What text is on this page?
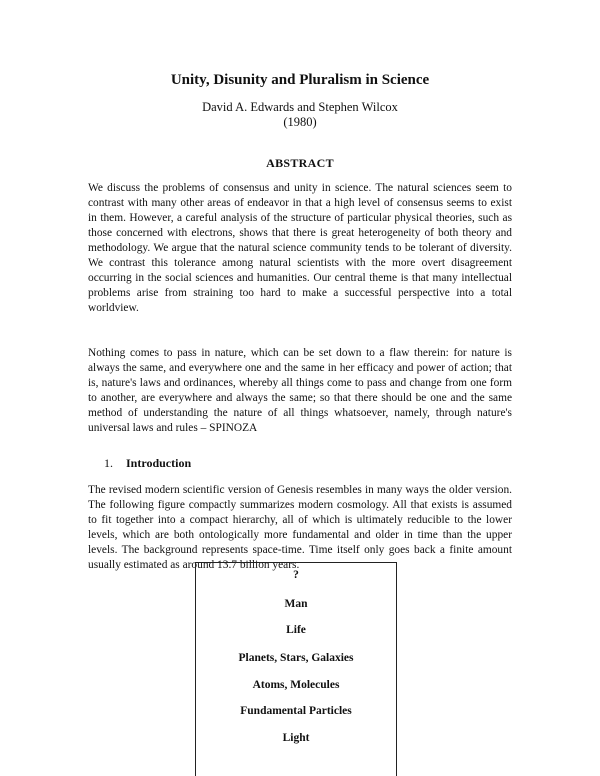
Unity, Disunity and Pluralism in Science
David A. Edwards and Stephen Wilcox
(1980)
ABSTRACT

We discuss the problems of consensus and unity in science. The natural sciences seem to contrast with many other areas of endeavor in that a high level of consensus seems to exist in them. However, a careful analysis of the structure of particular physical theories, such as those concerned with electrons, shows that there is great heterogeneity of both theory and methodology. We argue that the natural science community tends to be tolerant of diversity. We contrast this tolerance among natural scientists with the more overt disagreement occurring in the social sciences and humanities. Our central theme is that many intellectual problems arise from straining too hard to make a successful perspective into a total worldview.

Nothing comes to pass in nature, which can be set down to a flaw therein: for nature is always the same, and everywhere one and the same in her efficacy and power of action; that is, nature's laws and ordinances, whereby all things come to pass and change from one form to another, are everywhere and always the same; so that there should be one and the same method of understanding the nature of all things whatsoever, namely, through nature's universal laws and rules – SPINOZA

1. Introduction

The revised modern scientific version of Genesis resembles in many ways the older version. The following figure compactly summarizes modern cosmology. All that exists is assumed to fit together into a compact hierarchy, all of which is ultimately reducible to the lower levels, which are both ontologically more fundamental and older in time than the upper levels. The background represents space-time. Time itself only goes back a finite amount usually estimated as around 13.7 billion years.

?
Man
Life
Planets, Stars, Galaxies
Atoms, Molecules
Fundamental Particles
Light
